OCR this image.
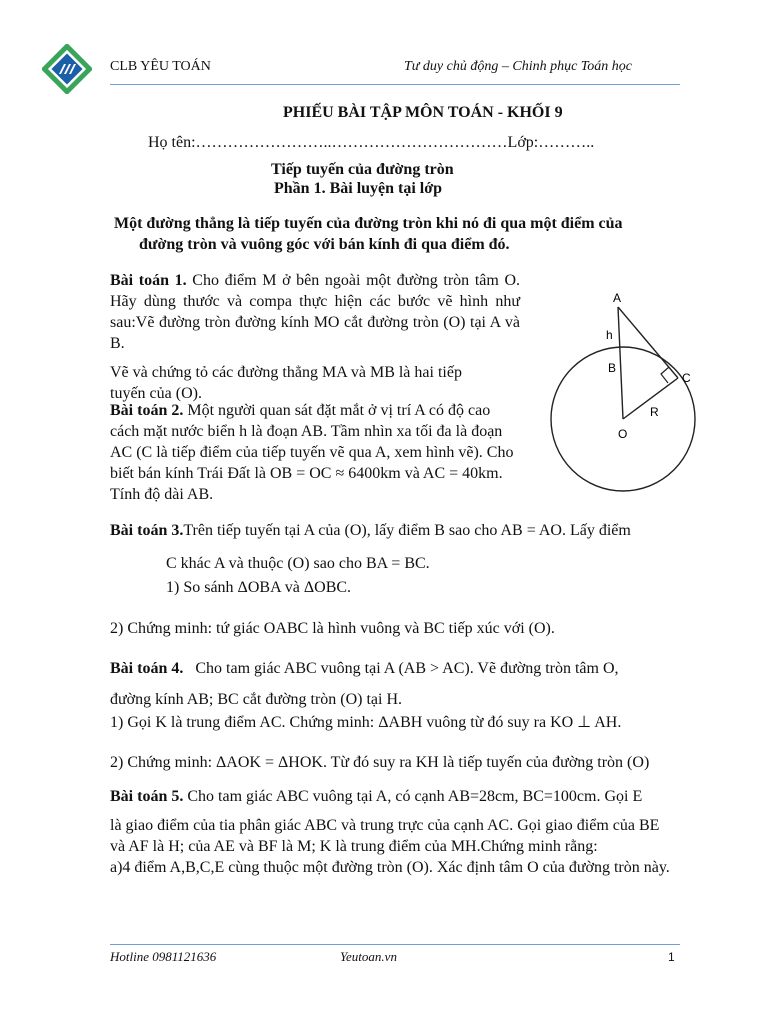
CLB YÊU TOÁN	Tư duy chủ động – Chinh phục Toán học
PHIẾU BÀI TẬP MÔN TOÁN - KHỐI 9
Họ tên:……………………..……………………………Lớp:………..
Tiếp tuyến của đường tròn
Phần 1. Bài luyện tại lớp
Một đường thẳng là tiếp tuyến của đường tròn khi nó đi qua một điểm của
đường tròn và vuông góc với bán kính đi qua điểm đó.
Bài toán 1. Cho điểm M ở bên ngoài một đường tròn tâm O. Hãy dùng thước và compa thực hiện các bước vẽ hình như sau:Vẽ đường tròn đường kính MO cắt đường tròn (O) tại A và B.
Vẽ và chứng tỏ các đường thẳng MA và MB là hai tiếp tuyến của (O).
Bài toán 2. Một người quan sát đặt mắt ở vị trí A có độ cao cách mặt nước biển h là đoạn AB. Tầm nhìn xa tối đa là đoạn AC (C là tiếp điểm của tiếp tuyến vẽ qua A, xem hình vẽ). Cho biết bán kính Trái Đất là OB = OC ≈ 6400km và AC = 40km. Tính độ dài AB.
A
h
B
C
R
O
Bài toán 3.Trên tiếp tuyến tại A của (O), lấy điểm B sao cho AB = AO. Lấy điểm
C khác A và thuộc (O) sao cho BA = BC.
1) So sánh ΔOBA và ΔOBC.
2) Chứng minh: tứ giác OABC là hình vuông và BC tiếp xúc với (O).
Bài toán 4. Cho tam giác ABC vuông tại A (AB > AC). Vẽ đường tròn tâm O,
đường kính AB; BC cắt đường tròn (O) tại H.
1) Gọi K là trung điểm AC. Chứng minh: ΔABH vuông từ đó suy ra KO ⊥ AH.
2) Chứng minh: ΔAOK = ΔHOK. Từ đó suy ra KH là tiếp tuyến của đường tròn (O)
Bài toán 5. Cho tam giác ABC vuông tại A, có cạnh AB=28cm, BC=100cm. Gọi E
là giao điểm của tia phân giác ABC và trung trực của cạnh AC. Gọi giao điểm của BE và AF là H; của AE và BF là M; K là trung điểm của MH.Chứng minh rằng:
a)4 điểm A,B,C,E cùng thuộc một đường tròn (O). Xác định tâm O của đường tròn này.
Hotline 0981121636	Yeutoan.vn	1
